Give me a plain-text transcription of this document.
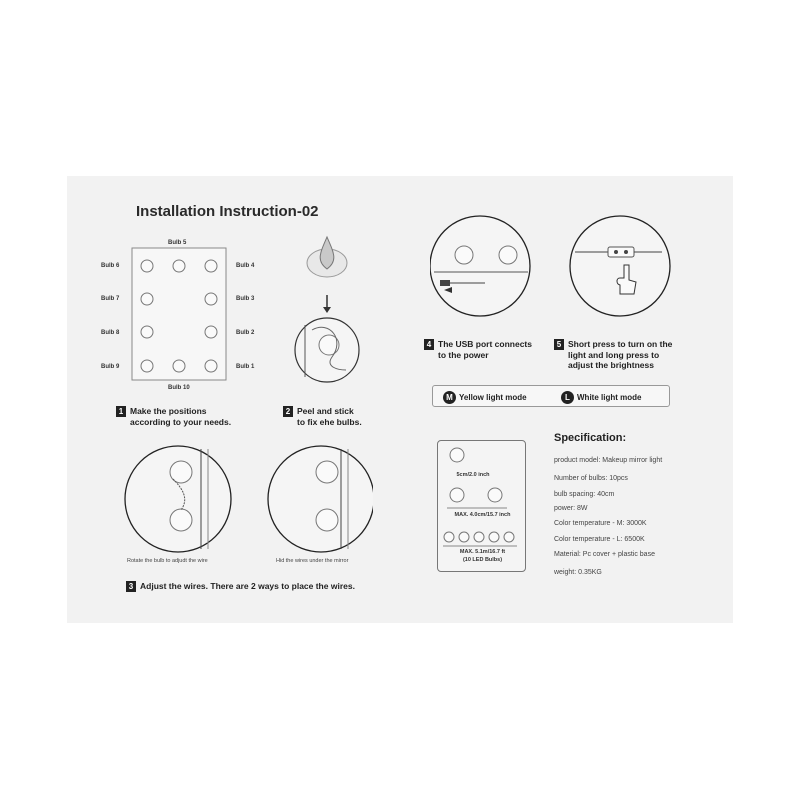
Installation Instruction-02
Bulb 5
Bulb 10
Bulb 6
Bulb 7
Bulb 8
Bulb 9
Bulb 4
Bulb 3
Bulb 2
Bulb 1
1 Make the positions
according to your needs.
2 Peel and stick
to fix ehe bulbs.
Rotate the bulb to adjudt the wire	Hid the wires under the mirror
3 Adjust the wires. There are 2 ways to place the wires.
4 The USB port connects
to the power
5 Short press to turn on the
light and long press to
adjust the brightness
M Yellow light mode	L White light mode
5cm/2.0 inch
MAX. 4.0cm/15.7 inch
MAX. 5.1m/16.7 ft
(10 LED Bulbs)
Specification:
product model: Makeup mirror light
Number of bulbs: 10pcs
bulb spacing: 40cm
power: 8W
Color temperature - M: 3000K
Color temperature - L: 6500K
Material: Pc cover + plastic base
weight: 0.35KG
